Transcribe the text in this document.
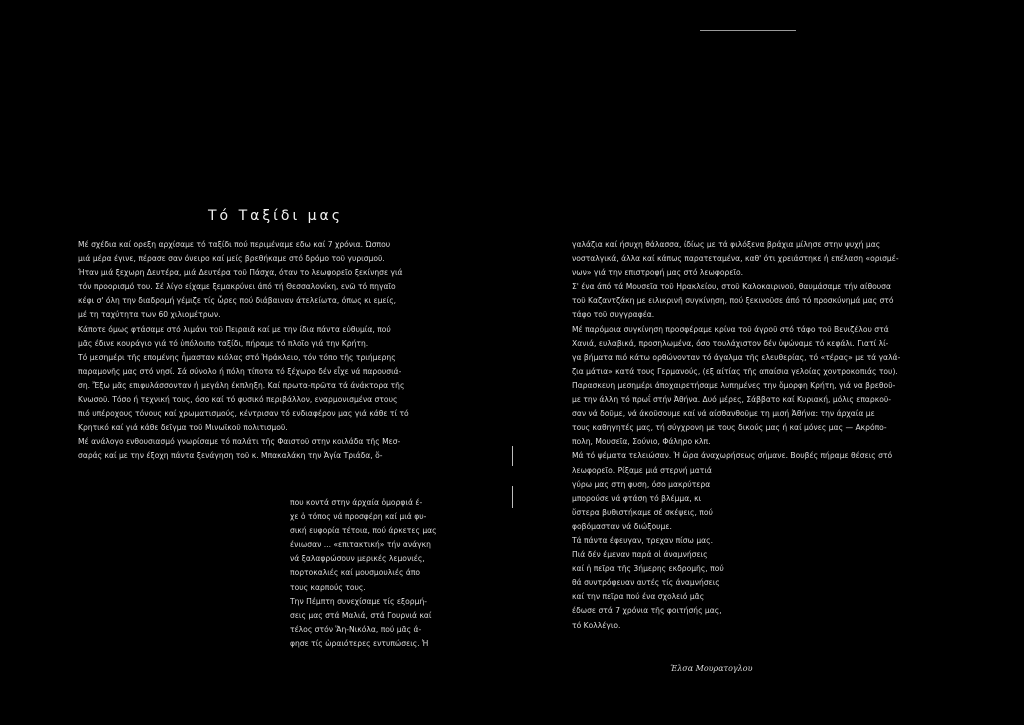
Τό Ταξίδι μας

Μέ σχέδια καί ορεξη αρχίσαμε τό ταξίδι πού περιμέναμε εδω καί 7 χρόνια. Ώσπου

μιά μέρα έγινε, πέρασε σαν όνειρο καί μείς βρεθήκαμε στό δρόμο τοῦ γυρισμοῦ.

Ήταν μιά ξεχωρη Δευτέρα, μιά Δευτέρα τοῦ Πάσχα, όταν το λεωφορεῖο ξεκίνησε γιά

τόν προορισμό του. Σέ λίγο είχαμε ξεμακρύνει άπό τή Θεσσαλονίκη, ενῶ τό πηγαῖο

κέφι σ' όλη την διαδρομή γέμιζε τίς ὧρες πού διάβαιναν άτελείωτα, όπως κι εμείς,

μέ τη ταχύτητα των 60 χιλιομέτρων.

Κάποτε όμως φτάσαμε στό λιμάνι τοῦ Πειραιᾶ καί με την ίδια πάντα εὐθυμία, πού

μᾶς έδινε κουράγιο γιά τό ὑπόλοιπο ταξίδι, πήραμε τό πλοῖο γιά την Κρήτη.

Τό μεσημέρι τῆς επομένης ἦμασταν κιόλας στό Ἡράκλειο, τόν τόπο τῆς τριήμερης

παραμονῆς μας στό νησί. Σά σύνολο ή πόλη τίποτα τό ξέχωρο δέν εἶχε νά παρουσιά-

ση. Ἔξω μᾶς επιφυλάσσονταν ἡ μεγάλη έκπληξη. Καί πρωτα-πρῶτα τά άνάκτορα τῆς

Κνωσοῦ. Τόσο ή τεχνική τους, όσο καί τό φυσικό περιβάλλον, εναρμονισμένα στους

πιό υπέροχους τόνους καί χρωματισμούς, κέντρισαν τό ενδιαφέρον μας γιά κάθε τί τό

Κρητικό καί γιά κάθε δεῖγμα τοῦ Μινωϊκοῦ πολιτισμοῦ.

Μέ ανάλογο ενθουσιασμό γνωρίσαμε τό παλάτι τῆς Φαιστοῦ στην κοιλάδα τῆς Μεσ-

σαράς καί με την έξοχη πάντα ξενάγηση τοῦ κ. Μπακαλάκη την Ἁγία Τριάδα, ὅ-

που κοντά στην άρχαία ὁμορφιά έ-

χε ὁ τόπος νά προσφέρη καί μιά φυ-

σική ευφορία τέτοια, πού άρκετες μας

ένιωσαν ... «επιτακτική» τήν ανάγκη

νά ξαλαφρώσουν μερικές λεμονιές,

πορτοκαλιές καί μουσμουλιές άπο

τους καρπούς τους.

Την Πέμπτη συνεχίσαμε τίς εξορμή-

σεις μας στά Μαλιά, στά Γουρνιά καί

τέλος στόν Ἅη-Νικόλα, πού μᾶς ά-

φησε τίς ὡραιότερες εντυπώσεις. Ἡ

γαλάζια καί ήσυχη θάλασσα, ίδίως με τά φιλόξενα βράχια μίλησε στην ψυχή μας

νοσταλγικά, άλλα καί κάπως παρατεταμένα, καθ' ότι χρειάστηκε ἡ επέλαση «ορισμέ-

νων» γιά την επιστροφή μας στό λεωφορεῖο.

Σ' ένα άπό τά Μουσεῖα τοῦ Ηρακλείου, στοῦ Καλοκαιρινοῦ, θαυμάσαμε τήν αίθουσα

τοῦ Καζαντζάκη με ειλικρινῆ συγκίνηση, πού ξεκινοῦσε άπό τό προσκύνημά μας στό

τάφο τοῦ συγγραφέα.

Μέ παρόμοια συγκίνηση προσφέραμε κρίνα τοῦ άγροῦ στό τάφο τοῦ Βενιζέλου στά

Χανιά, ευλαβικά, προσηλωμένα, όσο τουλάχιστον δέν ὑψώναμε τό κεφάλι. Γιατί λί-

γα βήματα πιό κάτω ορθώνονταν τό άγαλμα τῆς ελευθερίας, τό «τέρας» με τά γαλά-

ζια μάτια» κατά τους Γερμανούς, (εξ αίτίας τῆς απαίσια γελοίας χοντροκοπιάς του).

Παρασκευη μεσημέρι άποχαιρετήσαμε λυπημένες την ὄμορφη Κρήτη, γιά να βρεθοῦ-

με την άλλη τό πρωΐ στήν Ἀθήνα. Δυό μέρες, Σάββατο καί Κυριακή, μόλις επαρκοῦ-

σαν νά δοῦμε, νά άκοῦσουμε καί νά αίσθανθοῦμε τη μισή Ἀθήνα: την άρχαία με

τους καθηγητές μας, τή σύγχρονη με τους δικούς μας ή καί μόνες μας — Ακρόπο-

πολη, Μουσεῖα, Σούνιο, Φάληρο κλπ.

Μά τό ψέματα τελειώσαν. Ἡ ὥρα άναχωρήσεως σήμανε. Βουβές πήραμε θέσεις στό

λεωφορεῖο. Ρίξαμε μιά στερνή ματιά

γύρω μας στη φυση, όσο μακρύτερα

μπορούσε νά φτάση τό βλέμμα, κι

ὕστερα βυθιστήκαμε σέ σκέψεις, πού

φοβόμασταν νά διώξουμε.

Τά πάντα έφευγαν, τρεχαν πίσω μας.

Πιά δέν έμεναν παρά οἱ άναμνήσεις

καί ἡ πεῖρα τῆς 3ήμερης εκδρομῆς, πού

θά συντρόφευαν αυτές τίς άναμνήσεις

καί την πεῖρα πού ένα σχολειό μᾶς

έδωσε στά 7 χρόνια τῆς φοιτήσής μας,

τό Κολλέγιο.

Έλσα Μουρατογλου
